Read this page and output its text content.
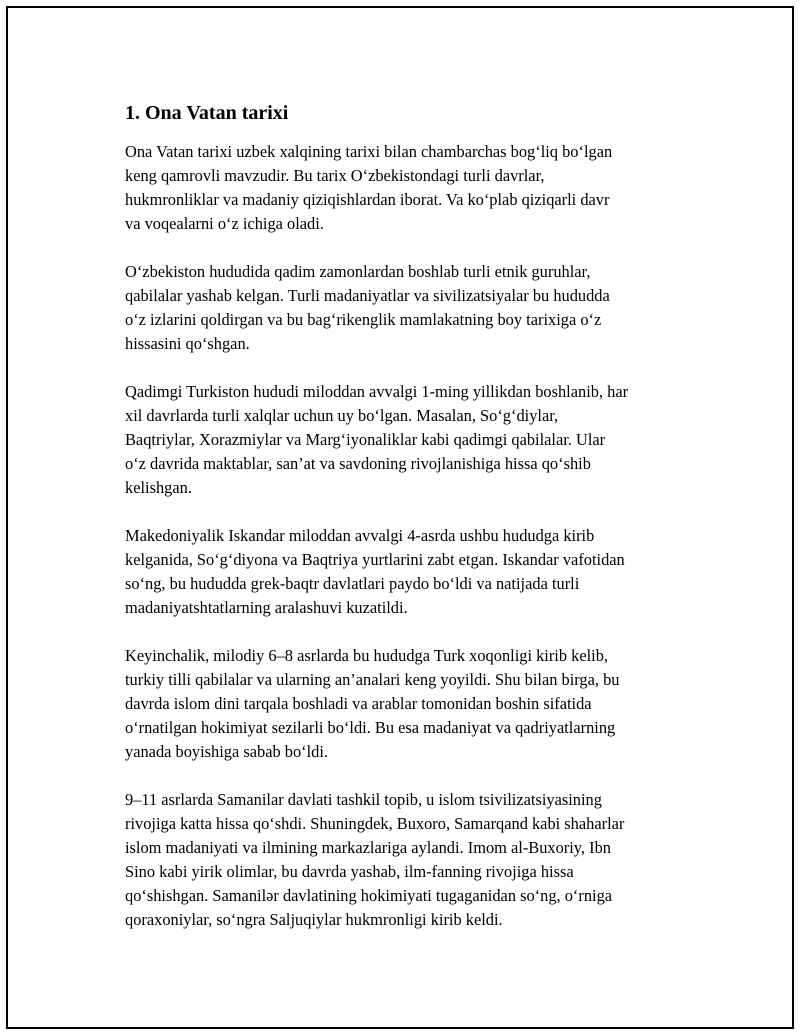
1. Ona Vatan tarixi

Ona Vatan tarixi uzbek xalqining tarixi bilan chambarchas bog‘liq bo‘lgan
keng qamrovli mavzudir. Bu tarix O‘zbekistondagi turli davrlar,
hukmronliklar va madaniy qiziqishlardan iborat. Va ko‘plab qiziqarli davr
va voqealarni o‘z ichiga oladi.

O‘zbekiston hududida qadim zamonlardan boshlab turli etnik guruhlar,
qabilalar yashab kelgan. Turli madaniyatlar va sivilizatsiyalar bu hududda
o‘z izlarini qoldirgan va bu bag‘rikenglik mamlakatning boy tarixiga o‘z
hissasini qo‘shgan.

Qadimgi Turkiston hududi miloddan avvalgi 1-ming yillikdan boshlanib, har
xil davrlarda turli xalqlar uchun uy bo‘lgan. Masalan, So‘g‘diylar,
Baqtriylar, Xorazmiylar va Marg‘iyonaliklar kabi qadimgi qabilalar. Ular
o‘z davrida maktablar, san’at va savdoning rivojlanishiga hissa qo‘shib
kelishgan.

Makedoniyalik Iskandar miloddan avvalgi 4-asrda ushbu hududga kirib
kelganida, So‘g‘diyona va Baqtriya yurtlarini zabt etgan. Iskandar vafotidan
so‘ng, bu hududda grek-baqtr davlatlari paydo bo‘ldi va natijada turli
madaniyatshtatlarning aralashuvi kuzatildi.

Keyinchalik, milodiy 6–8 asrlarda bu hududga Turk xoqonligi kirib kelib,
turkiy tilli qabilalar va ularning an’analari keng yoyildi. Shu bilan birga, bu
davrda islom dini tarqala boshladi va arablar tomonidan boshin sifatida
o‘rnatilgan hokimiyat sezilarli bo‘ldi. Bu esa madaniyat va qadriyatlarning
yanada boyishiga sabab bo‘ldi.

9–11 asrlarda Samanilar davlati tashkil topib, u islom tsivilizatsiyasining
rivojiga katta hissa qo‘shdi. Shuningdek, Buxoro, Samarqand kabi shaharlar
islom madaniyati va ilmining markazlariga aylandi. Imom al-Buxoriy, Ibn
Sino kabi yirik olimlar, bu davrda yashab, ilm-fanning rivojiga hissa
qo‘shishgan. Samanilər davlatining hokimiyati tugaganidan so‘ng, o‘rniga
qoraxoniylar, so‘ngra Saljuqiylar hukmronligi kirib keldi.
